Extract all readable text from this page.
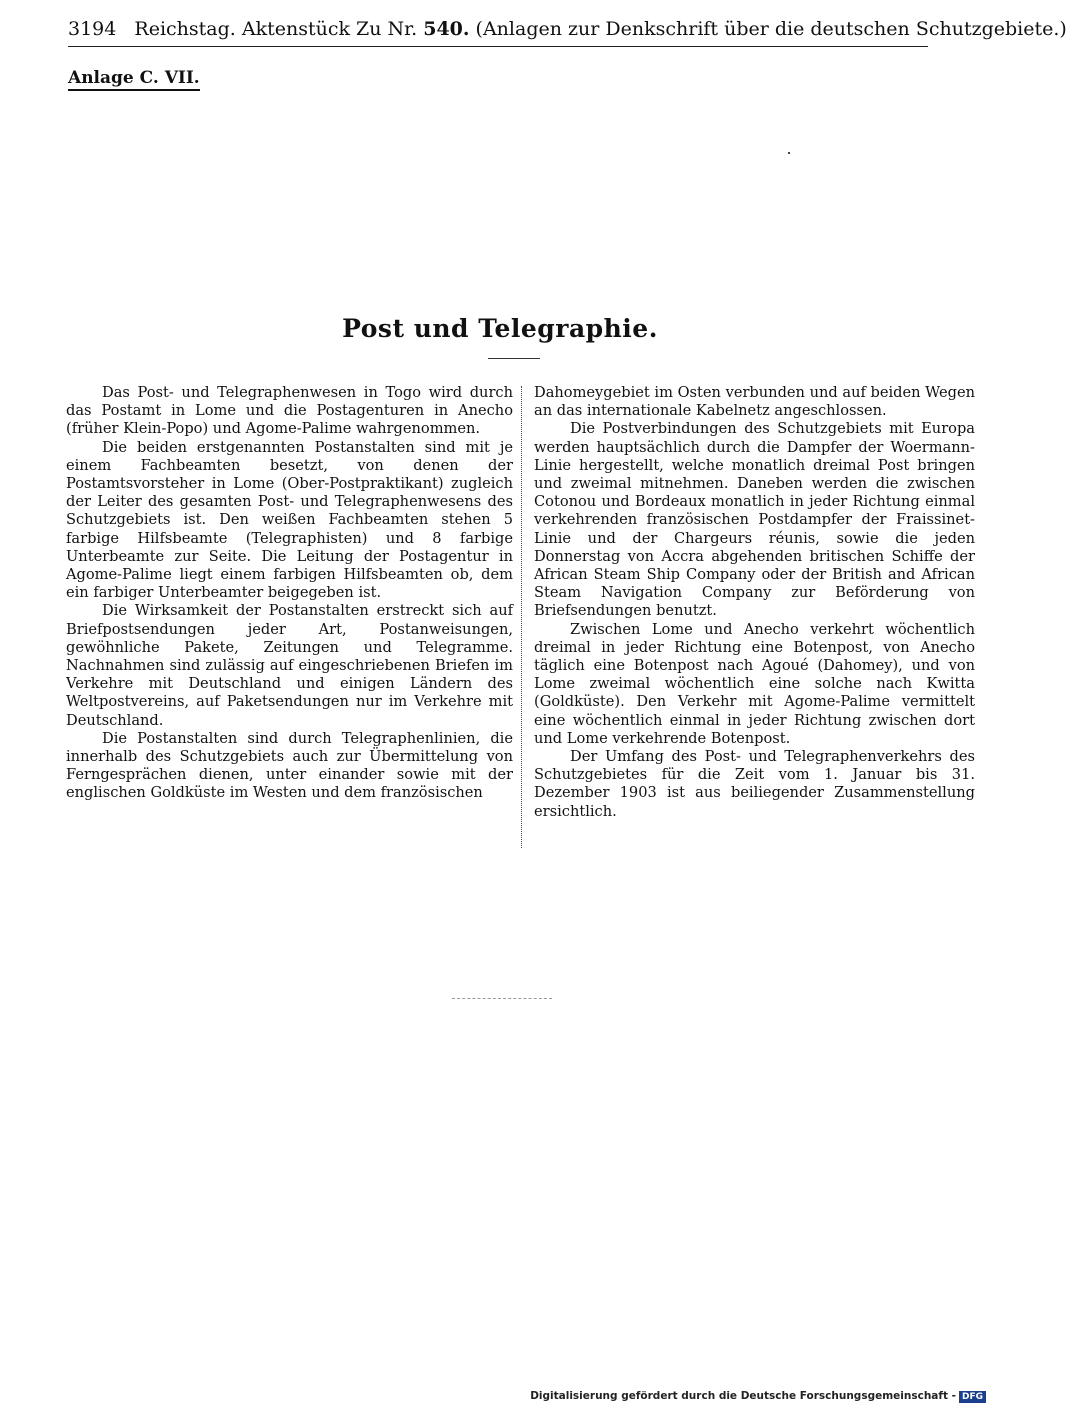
3194 Reichstag. Aktenstück Zu Nr. 540. (Anlagen zur Denkschrift über die deutschen Schutzgebiete.)
Anlage C. VII.
Post und Telegraphie.

Das Post- und Telegraphenwesen in Togo wird durch das Postamt in Lome und die Postagenturen in Anecho (früher Klein-Popo) und Agome-Palime wahrgenommen.

Die beiden erstgenannten Postanstalten sind mit je einem Fachbeamten besetzt, von denen der Postamtsvorsteher in Lome (Ober-Postpraktikant) zugleich der Leiter des gesamten Post- und Telegraphenwesens des Schutzgebiets ist. Den weißen Fachbeamten stehen 5 farbige Hilfsbeamte (Telegraphisten) und 8 farbige Unterbeamte zur Seite. Die Leitung der Postagentur in Agome-Palime liegt einem farbigen Hilfsbeamten ob, dem ein farbiger Unterbeamter beigegeben ist.

Die Wirksamkeit der Postanstalten erstreckt sich auf Briefpostsendungen jeder Art, Postanweisungen, gewöhnliche Pakete, Zeitungen und Telegramme. Nachnahmen sind zulässig auf eingeschriebenen Briefen im Verkehre mit Deutschland und einigen Ländern des Weltpostvereins, auf Paketsendungen nur im Verkehre mit Deutschland.

Die Postanstalten sind durch Telegraphenlinien, die innerhalb des Schutzgebiets auch zur Übermittelung von Ferngesprächen dienen, unter einander sowie mit der englischen Goldküste im Westen und dem französischen

Dahomeygebiet im Osten verbunden und auf beiden Wegen an das internationale Kabelnetz angeschlossen.

Die Postverbindungen des Schutzgebiets mit Europa werden hauptsächlich durch die Dampfer der Woermann-Linie hergestellt, welche monatlich dreimal Post bringen und zweimal mitnehmen. Daneben werden die zwischen Cotonou und Bordeaux monatlich in jeder Richtung einmal verkehrenden französischen Postdampfer der Fraissinet-Linie und der Chargeurs réunis, sowie die jeden Donnerstag von Accra abgehenden britischen Schiffe der African Steam Ship Company oder der British and African Steam Navigation Company zur Beförderung von Briefsendungen benutzt.

Zwischen Lome und Anecho verkehrt wöchentlich dreimal in jeder Richtung eine Botenpost, von Anecho täglich eine Botenpost nach Agoué (Dahomey), und von Lome zweimal wöchentlich eine solche nach Kwitta (Goldküste). Den Verkehr mit Agome-Palime vermittelt eine wöchentlich einmal in jeder Richtung zwischen dort und Lome verkehrende Botenpost.

Der Umfang des Post- und Telegraphenverkehrs des Schutzgebietes für die Zeit vom 1. Januar bis 31. Dezember 1903 ist aus beiliegender Zusammenstellung ersichtlich.

Digitalisierung gefördert durch die Deutsche Forschungsgemeinschaft - DFG
